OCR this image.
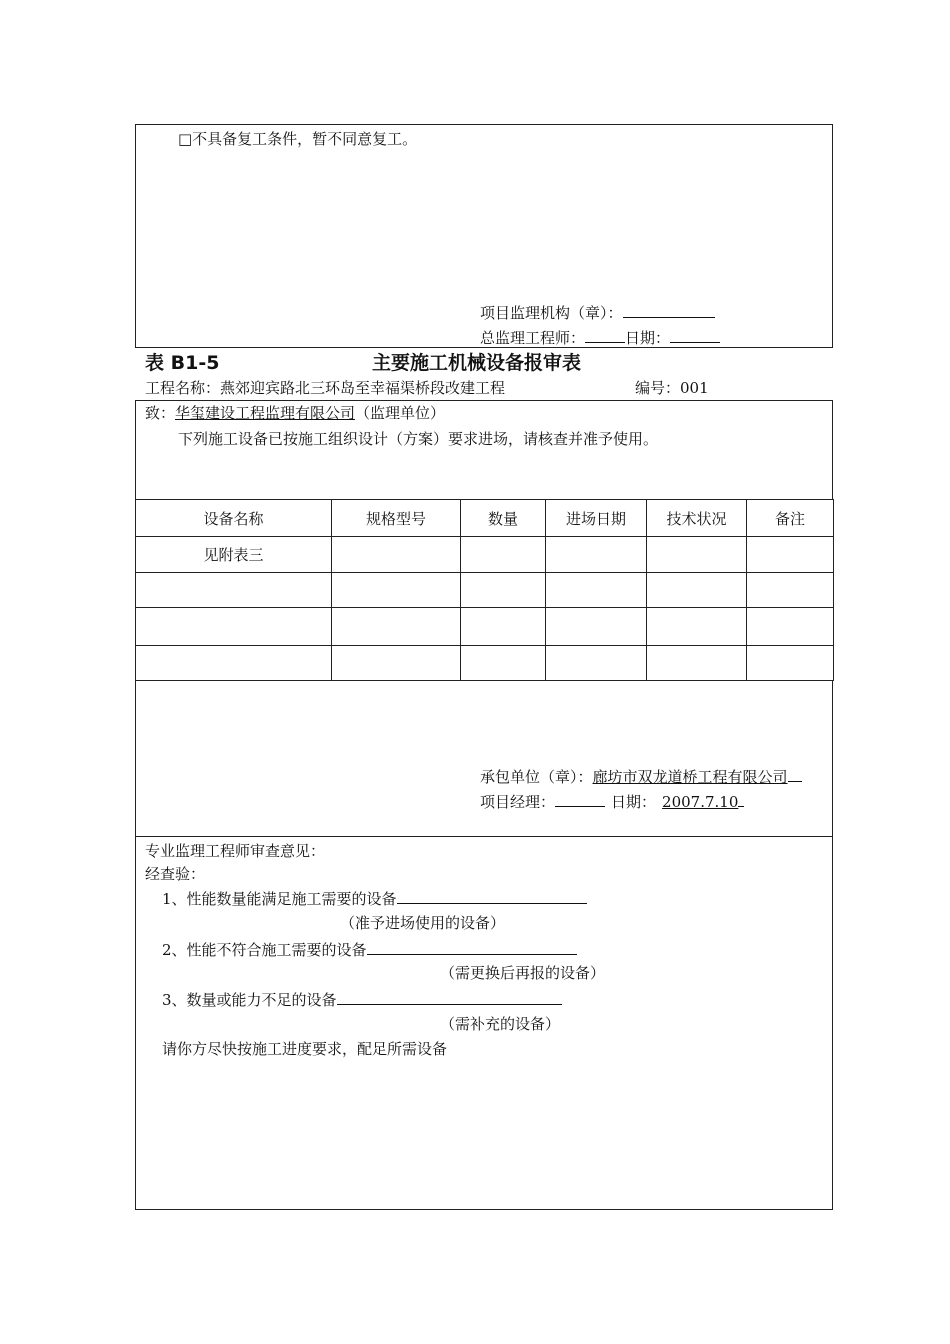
□不具备复工条件，暂不同意复工。
项目监理机构（章）：
总监理工程师：	日期：
表 B1-5	主要施工机械设备报审表
工程名称：燕郊迎宾路北三环岛至幸福渠桥段改建工程	编号：001
致：华玺建设工程监理有限公司（监理单位）
下列施工设备已按施工组织设计（方案）要求进场，请核查并准予使用。
设备名称	规格型号	数量	进场日期	技术状况	备注
见附表三					

承包单位（章）：廊坊市双龙道桥工程有限公司
项目经理：	日期： 2007.7.10
专业监理工程师审查意见：
经查验：
1、性能数量能满足施工需要的设备
（准予进场使用的设备）
2、性能不符合施工需要的设备
（需更换后再报的设备）
3、数量或能力不足的设备
（需补充的设备）
请你方尽快按施工进度要求，配足所需设备
